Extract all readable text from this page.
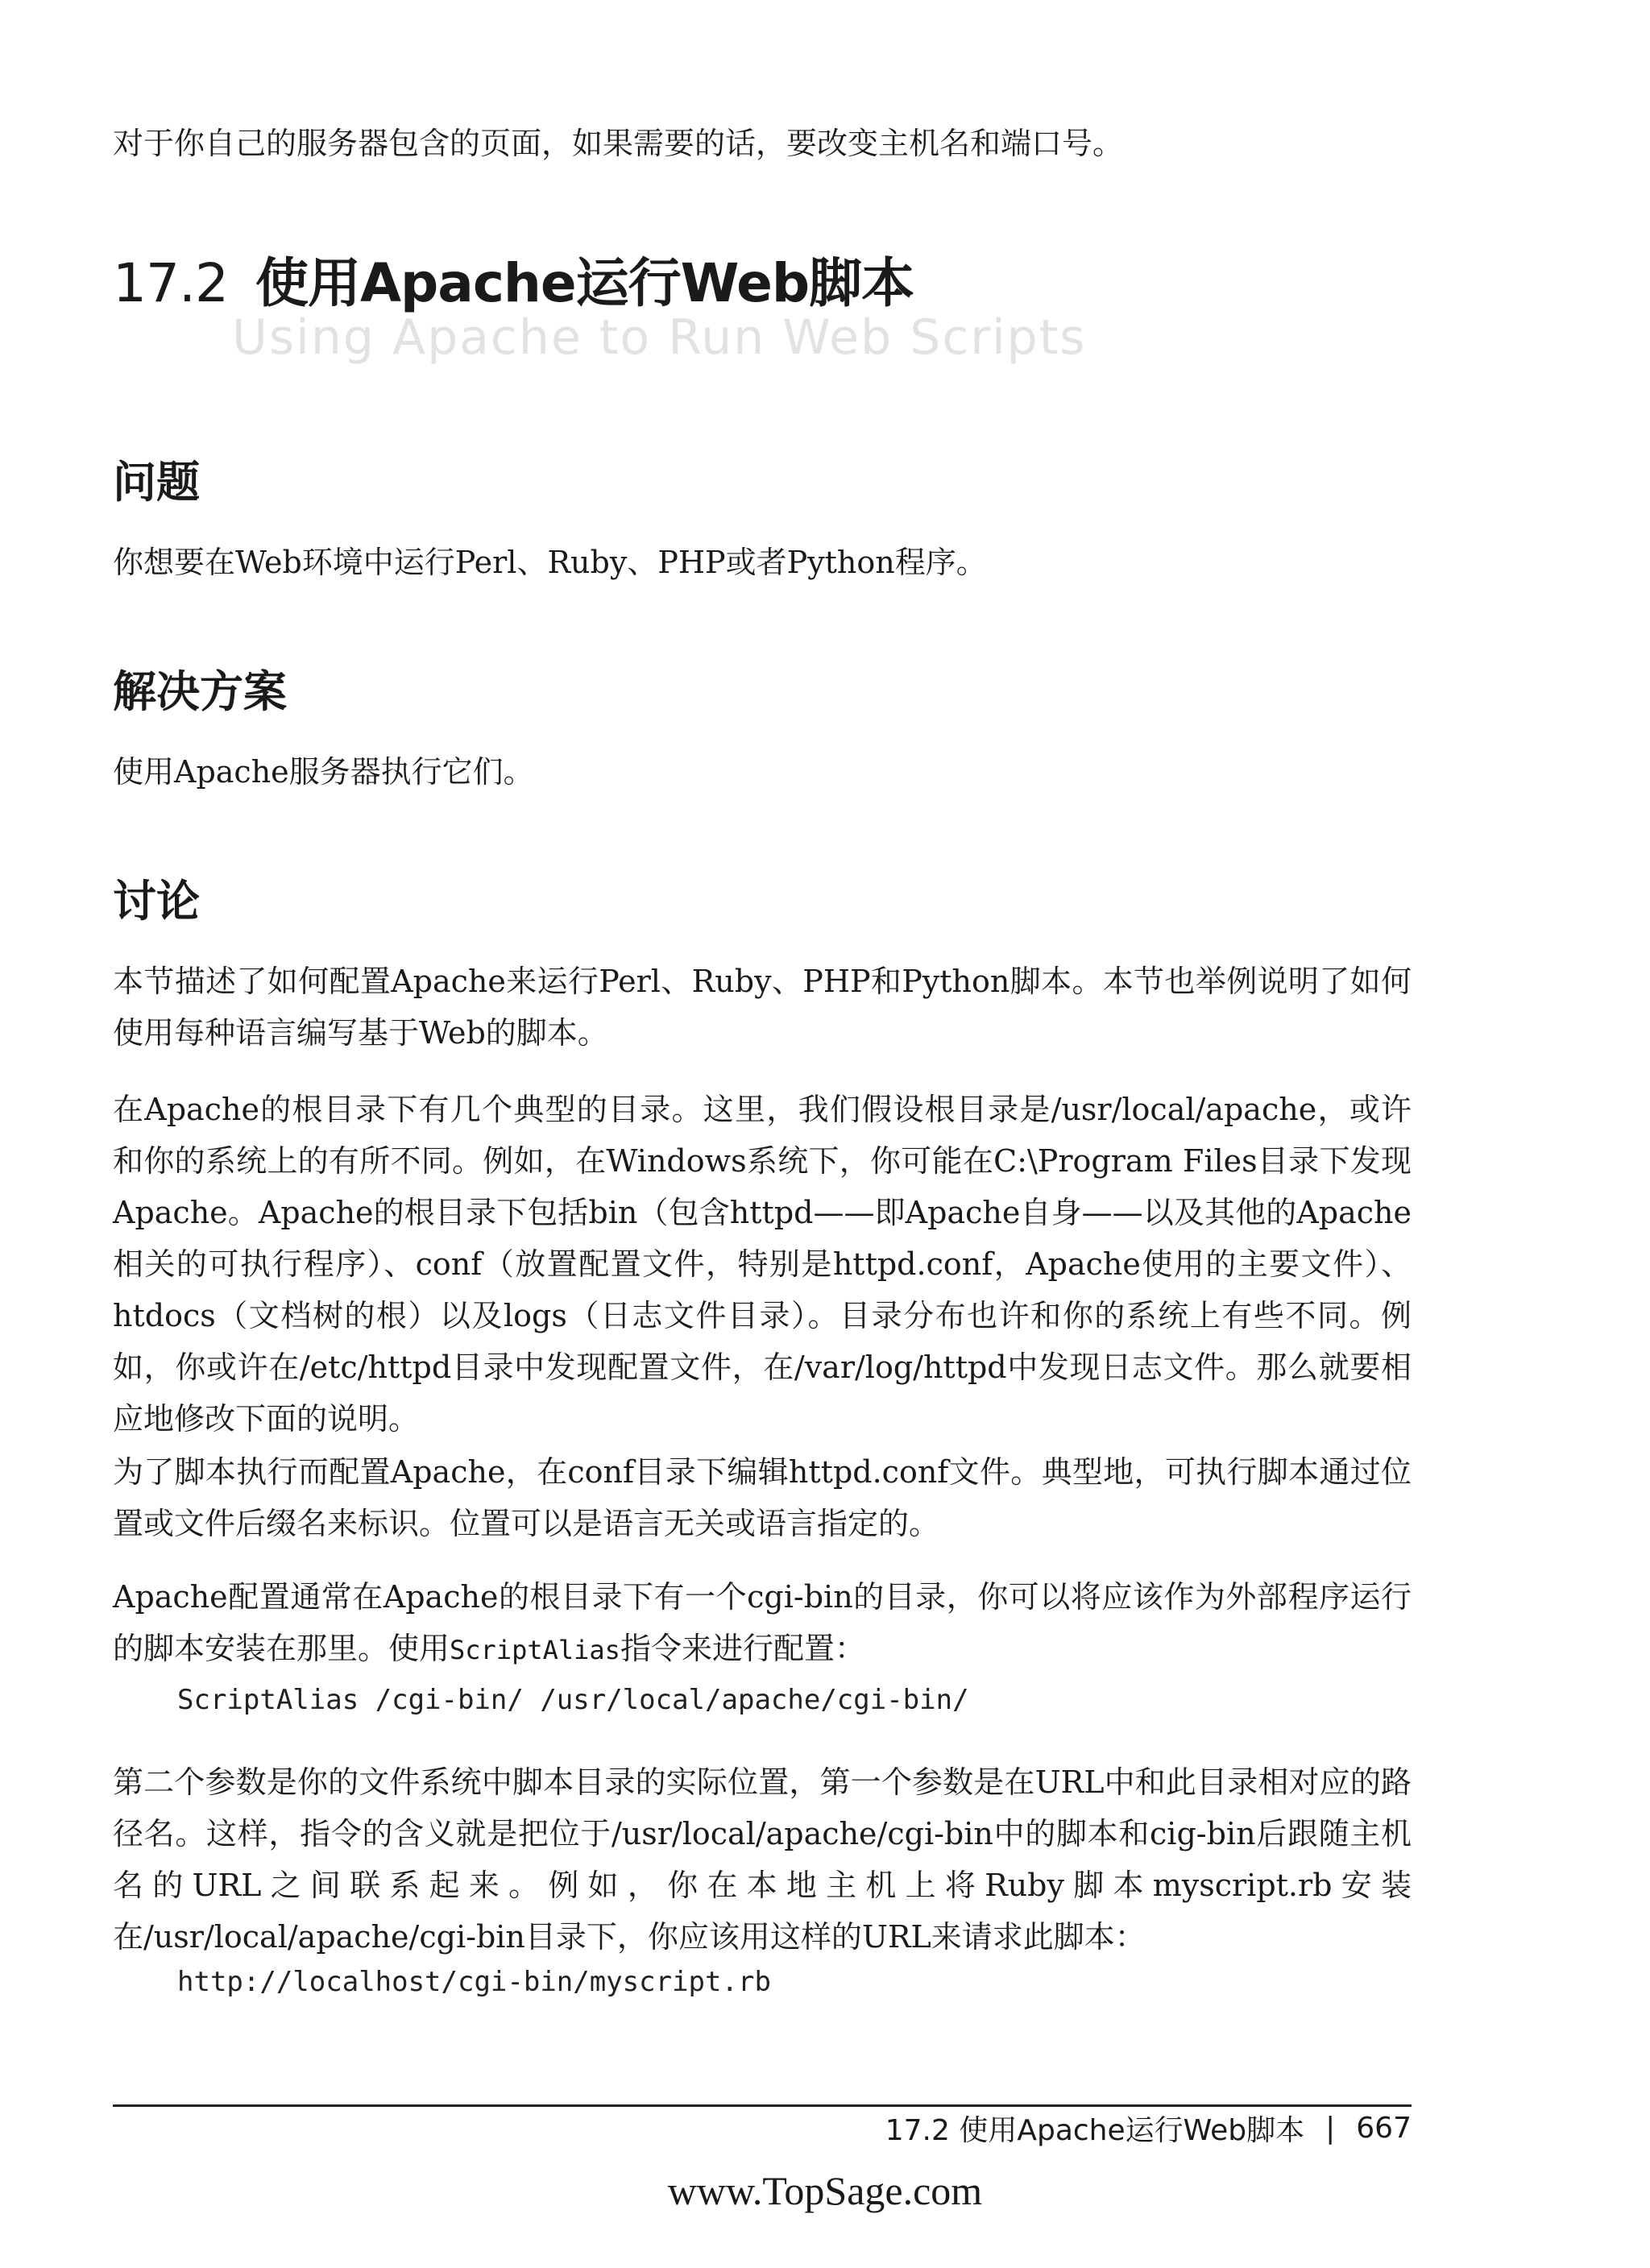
对于你自己的服务器包含的页面，如果需要的话，要改变主机名和端口号。
17.2 使用Apache运行Web脚本
Using Apache to Run Web Scripts
问题
你想要在Web环境中运行Perl、Ruby、PHP或者Python程序。
解决方案
使用Apache服务器执行它们。
讨论
本节描述了如何配置Apache来运行Perl、Ruby、PHP和Python脚本。本节也举例说明了如何使用每种语言编写基于Web的脚本。
在Apache的根目录下有几个典型的目录。这里，我们假设根目录是/usr/local/apache，或许和你的系统上的有所不同。例如，在Windows系统下，你可能在C:\Program Files目录下发现Apache。Apache的根目录下包括bin（包含httpd——即Apache自身——以及其他的Apache相关的可执行程序）、conf（放置配置文件，特别是httpd.conf，Apache使用的主要文件）、htdocs（文档树的根）以及logs（日志文件目录）。目录分布也许和你的系统上有些不同。例如，你或许在/etc/httpd目录中发现配置文件，在/var/log/httpd中发现日志文件。那么就要相应地修改下面的说明。
为了脚本执行而配置Apache，在conf目录下编辑httpd.conf文件。典型地，可执行脚本通过位置或文件后缀名来标识。位置可以是语言无关或语言指定的。
Apache配置通常在Apache的根目录下有一个cgi-bin的目录，你可以将应该作为外部程序运行的脚本安装在那里。使用ScriptAlias指令来进行配置：
ScriptAlias /cgi-bin/ /usr/local/apache/cgi-bin/
第二个参数是你的文件系统中脚本目录的实际位置，第一个参数是在URL中和此目录相对应的路径名。这样，指令的含义就是把位于/usr/local/apache/cgi-bin中的脚本和cig-bin后跟随主机名的URL之间联系起来。例如，你在本地主机上将Ruby脚本myscript.rb安装在/usr/local/apache/cgi-bin目录下，你应该用这样的URL来请求此脚本：
http://localhost/cgi-bin/myscript.rb
17.2 使用Apache运行Web脚本 | 667
www.TopSage.com
